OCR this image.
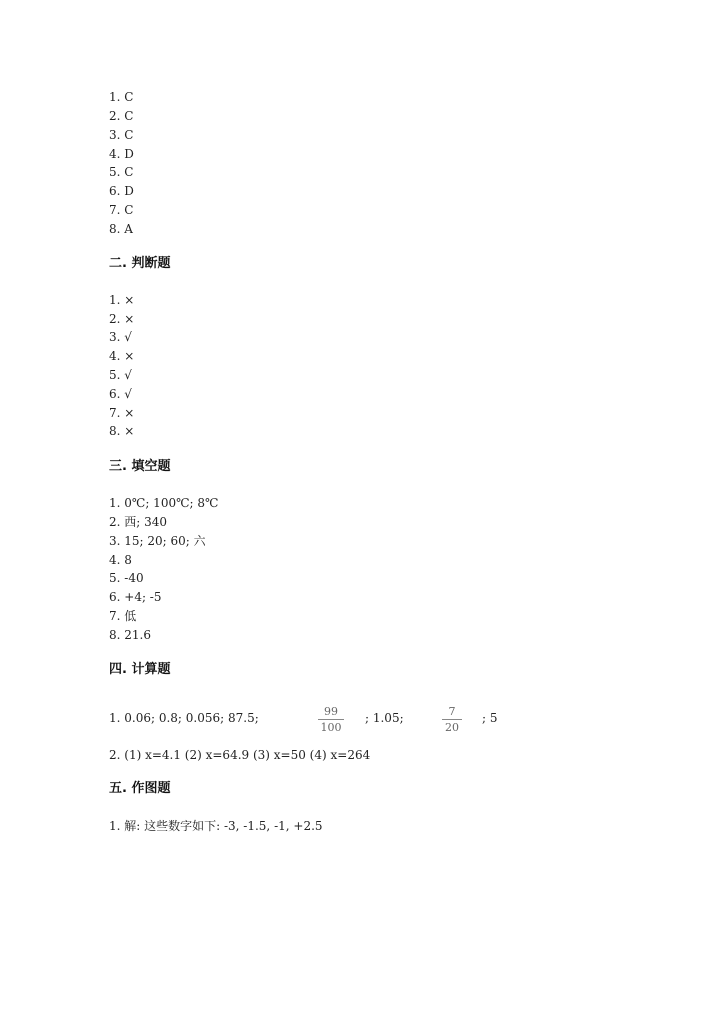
1. C
2. C
3. C
4. D
5. C
6. D
7. C
8. A
二. 判断题
1. ×
2. ×
3. √
4. ×
5. √
6. √
7. ×
8. ×
三. 填空题
1. 0℃; 100℃; 8℃
2. 西; 340
3. 15; 20; 60; 六
4. 8
5. -40
6. +4; -5
7. 低
8. 21.6
四. 计算题
1. 0.06; 0.8; 0.056; 87.5;	99
100
; 1.05;	7
20
; 5
2. (1) x=4.1 (2) x=64.9 (3) x=50 (4) x=264
五. 作图题
1. 解: 这些数字如下: -3, -1.5, -1, +2.5
